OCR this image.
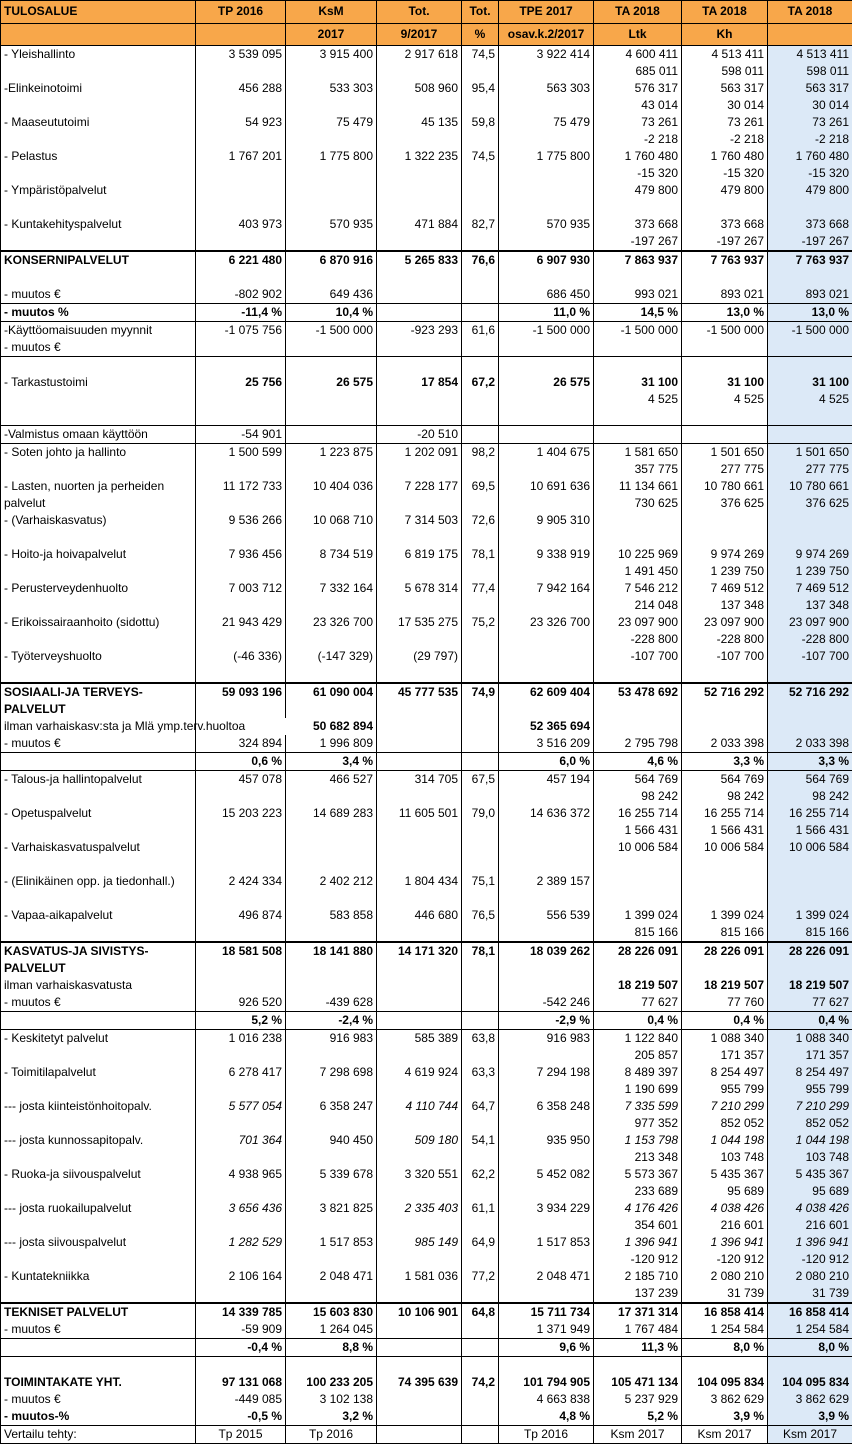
TULOSALUE	TP 2016	KsM	Tot.	Tot.	TPE 2017	TA 2018	TA 2018	TA 2018
		2017	9/2017	%	osav.k.2/2017	Ltk	Kh	
- Yleishallinto	3 539 095	3 915 400	2 917 618	74,5	3 922 414	4 600 411	4 513 411	4 513 411
						685 011	598 011	598 011
-Elinkeinotoimi	456 288	533 303	508 960	95,4	563 303	576 317	563 317	563 317
						43 014	30 014	30 014
- Maaseututoimi	54 923	75 479	45 135	59,8	75 479	73 261	73 261	73 261
						-2 218	-2 218	-2 218
- Pelastus	1 767 201	1 775 800	1 322 235	74,5	1 775 800	1 760 480	1 760 480	1 760 480
						-15 320	-15 320	-15 320
- Ympäristöpalvelut						479 800	479 800	479 800

- Kuntakehityspalvelut	403 973	570 935	471 884	82,7	570 935	373 668	373 668	373 668
						-197 267	-197 267	-197 267
KONSERNIPALVELUT	6 221 480	6 870 916	5 265 833	76,6	6 907 930	7 863 937	7 763 937	7 763 937

- muutos €	-802 902	649 436			686 450	993 021	893 021	893 021
- muutos %	-11,4 %	10,4 %			11,0 %	14,5 %	13,0 %	13,0 %
-Käyttöomaisuuden myynnit	-1 075 756	-1 500 000	-923 293	61,6	-1 500 000	-1 500 000	-1 500 000	-1 500 000
- muutos €								

- Tarkastustoimi	25 756	26 575	17 854	67,2	26 575	31 100	31 100	31 100
						4 525	4 525	4 525

-Valmistus omaan käyttöön	-54 901		-20 510					
- Soten johto ja hallinto	1 500 599	1 223 875	1 202 091	98,2	1 404 675	1 581 650	1 501 650	1 501 650
						357 775	277 775	277 775
- Lasten, nuorten ja perheiden	11 172 733	10 404 036	7 228 177	69,5	10 691 636	11 134 661	10 780 661	10 780 661
palvelut						730 625	376 625	376 625
- (Varhaiskasvatus)	9 536 266	10 068 710	7 314 503	72,6	9 905 310			

- Hoito-ja hoivapalvelut	7 936 456	8 734 519	6 819 175	78,1	9 338 919	10 225 969	9 974 269	9 974 269
						1 491 450	1 239 750	1 239 750
- Perusterveydenhuolto	7 003 712	7 332 164	5 678 314	77,4	7 942 164	7 546 212	7 469 512	7 469 512
						214 048	137 348	137 348
- Erikoissairaanhoito (sidottu)	21 943 429	23 326 700	17 535 275	75,2	23 326 700	23 097 900	23 097 900	23 097 900
						-228 800	-228 800	-228 800
- Työterveyshuolto	(-46 336)	(-147 329)	(29 797)			-107 700	-107 700	-107 700

SOSIAALI-JA TERVEYS-	59 093 196	61 090 004	45 777 535	74,9	62 609 404	53 478 692	52 716 292	52 716 292
PALVELUT								
ilman varhaiskasv:sta ja Mlä ymp.terv.huoltoa		50 682 894			52 365 694			
- muutos €	324 894	1 996 809			3 516 209	2 795 798	2 033 398	2 033 398
	0,6 %	3,4 %			6,0 %	4,6 %	3,3 %	3,3 %
- Talous-ja hallintopalvelut	457 078	466 527	314 705	67,5	457 194	564 769	564 769	564 769
						98 242	98 242	98 242
- Opetuspalvelut	15 203 223	14 689 283	11 605 501	79,0	14 636 372	16 255 714	16 255 714	16 255 714
						1 566 431	1 566 431	1 566 431
- Varhaiskasvatuspalvelut						10 006 584	10 006 584	10 006 584

- (Elinikäinen opp. ja tiedonhall.)	2 424 334	2 402 212	1 804 434	75,1	2 389 157			

- Vapaa-aikapalvelut	496 874	583 858	446 680	76,5	556 539	1 399 024	1 399 024	1 399 024
						815 166	815 166	815 166
KASVATUS-JA SIVISTYS-	18 581 508	18 141 880	14 171 320	78,1	18 039 262	28 226 091	28 226 091	28 226 091
PALVELUT								
ilman varhaiskasvatusta						18 219 507	18 219 507	18 219 507
- muutos €	926 520	-439 628			-542 246	77 627	77 760	77 627
	5,2 %	-2,4 %			-2,9 %	0,4 %	0,4 %	0,4 %
- Keskitetyt palvelut	1 016 238	916 983	585 389	63,8	916 983	1 122 840	1 088 340	1 088 340
						205 857	171 357	171 357
- Toimitilapalvelut	6 278 417	7 298 698	4 619 924	63,3	7 294 198	8 489 397	8 254 497	8 254 497
						1 190 699	955 799	955 799
--- josta kiinteistönhoitopalv.	5 577 054	6 358 247	4 110 744	64,7	6 358 248	7 335 599	7 210 299	7 210 299
						977 352	852 052	852 052
--- josta kunnossapitopalv.	701 364	940 450	509 180	54,1	935 950	1 153 798	1 044 198	1 044 198
						213 348	103 748	103 748
- Ruoka-ja siivouspalvelut	4 938 965	5 339 678	3 320 551	62,2	5 452 082	5 573 367	5 435 367	5 435 367
						233 689	95 689	95 689
--- josta ruokailupalvelut	3 656 436	3 821 825	2 335 403	61,1	3 934 229	4 176 426	4 038 426	4 038 426
						354 601	216 601	216 601
--- josta siivouspalvelut	1 282 529	1 517 853	985 149	64,9	1 517 853	1 396 941	1 396 941	1 396 941
						-120 912	-120 912	-120 912
- Kuntatekniikka	2 106 164	2 048 471	1 581 036	77,2	2 048 471	2 185 710	2 080 210	2 080 210
						137 239	31 739	31 739
TEKNISET PALVELUT	14 339 785	15 603 830	10 106 901	64,8	15 711 734	17 371 314	16 858 414	16 858 414
- muutos €	-59 909	1 264 045			1 371 949	1 767 484	1 254 584	1 254 584
	-0,4 %	8,8 %			9,6 %	11,3 %	8,0 %	8,0 %

TOIMINTAKATE YHT.	97 131 068	100 233 205	74 395 639	74,2	101 794 905	105 471 134	104 095 834	104 095 834
- muutos €	-449 085	3 102 138			4 663 838	5 237 929	3 862 629	3 862 629
- muutos-%	-0,5 %	3,2 %			4,8 %	5,2 %	3,9 %	3,9 %
Vertailu tehty:	Tp 2015	Tp 2016			Tp 2016	Ksm 2017	Ksm 2017	Ksm 2017
